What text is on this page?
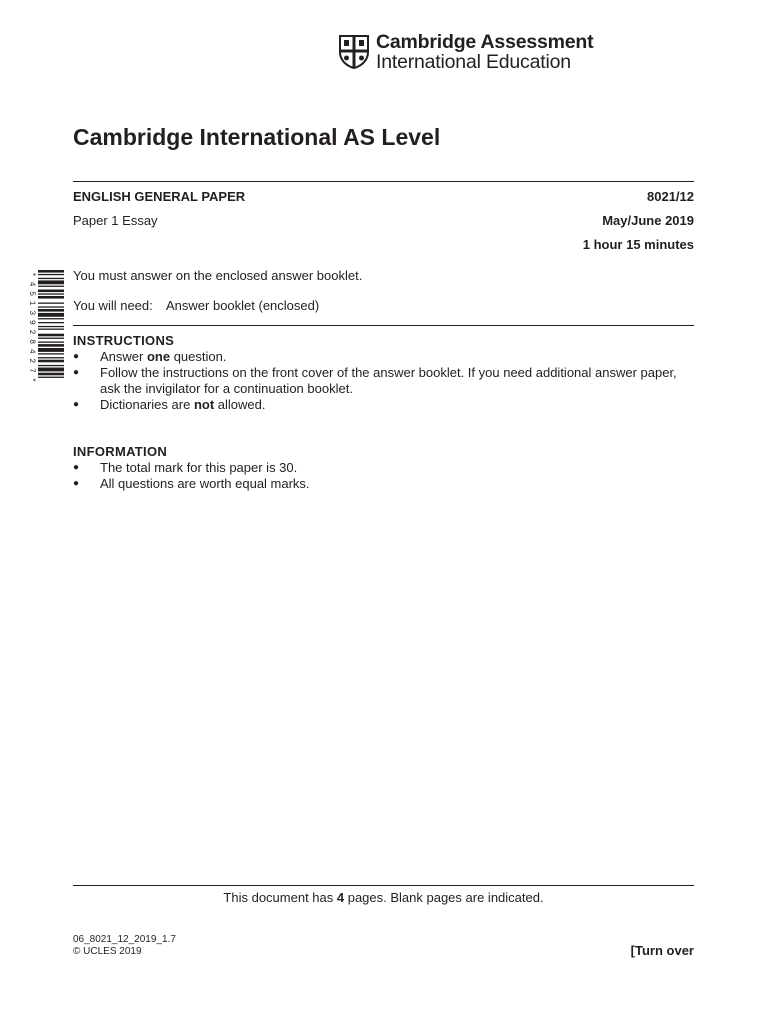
Cambridge Assessment
International Education
Cambridge International AS Level
ENGLISH GENERAL PAPER	8021/12
Paper 1 Essay	May/June 2019
1 hour 15 minutes
* 4 5 1 3 9 2 8 4 2 7 *	You must answer on the enclosed answer booklet.
You will need: Answer booklet (enclosed)
INSTRUCTIONS
● Answer one question.
● Follow the instructions on the front cover of the answer booklet. If you need additional answer paper, ask the invigilator for a continuation booklet.
● Dictionaries are not allowed.
INFORMATION
● The total mark for this paper is 30.
● All questions are worth equal marks.
This document has 4 pages. Blank pages are indicated.
06_8021_12_2019_1.7
© UCLES 2019	[Turn over
